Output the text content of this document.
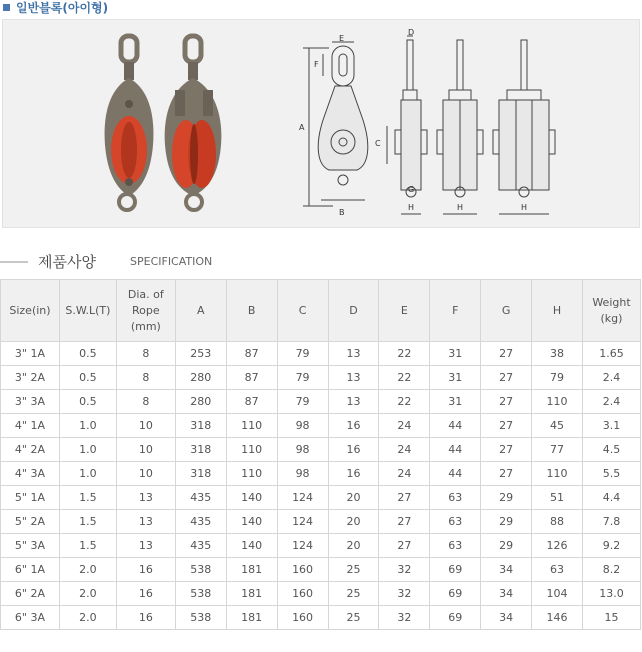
일반블록(아이형)
E
F
A
B
D
C
G
H	H	H
제품사양	SPECIFICATION
Size(in)	S.W.L(T)	Dia. of Rope (mm)	A	B	C	D	E	F	G	H	Weight (kg)
3" 1A	0.5	8	253	87	79	13	22	31	27	38	1.65
3" 2A	0.5	8	280	87	79	13	22	31	27	79	2.4
3" 3A	0.5	8	280	87	79	13	22	31	27	110	2.4
4" 1A	1.0	10	318	110	98	16	24	44	27	45	3.1
4" 2A	1.0	10	318	110	98	16	24	44	27	77	4.5
4" 3A	1.0	10	318	110	98	16	24	44	27	110	5.5
5" 1A	1.5	13	435	140	124	20	27	63	29	51	4.4
5" 2A	1.5	13	435	140	124	20	27	63	29	88	7.8
5" 3A	1.5	13	435	140	124	20	27	63	29	126	9.2
6" 1A	2.0	16	538	181	160	25	32	69	34	63	8.2
6" 2A	2.0	16	538	181	160	25	32	69	34	104	13.0
6" 3A	2.0	16	538	181	160	25	32	69	34	146	15
